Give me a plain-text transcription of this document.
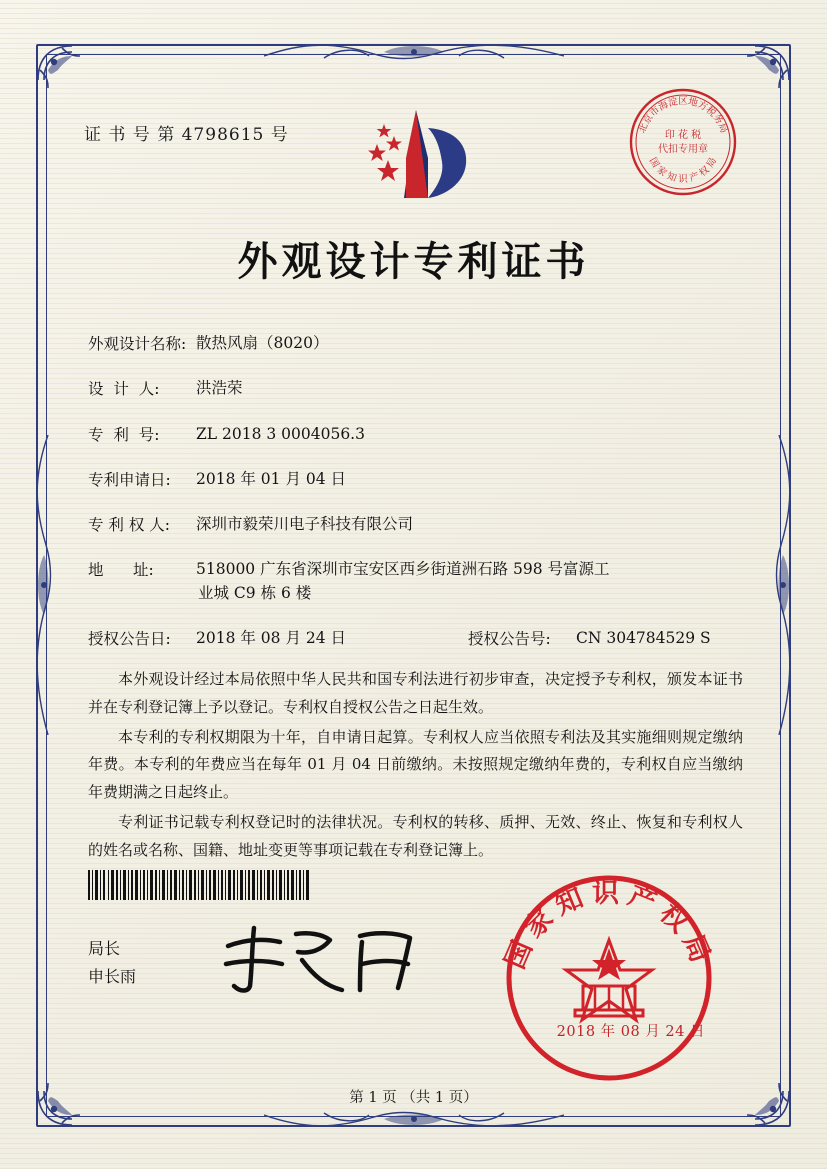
证 书 号 第 4798615 号	北京市海淀区地方税务局
国 家 知 识 产 权 局
印 花 税
代扣专用章
外观设计专利证书
外观设计名称: 散热风扇（8020）
设  计  人:	洪浩荣
专  利  号:	ZL 2018 3 0004056.3
专利申请日:	2018 年 01 月 04 日
专 利 权 人:	深圳市毅荣川电子科技有限公司
地      址:	518000 广东省深圳市宝安区西乡街道洲石路 598 号富源工
业城 C9 栋 6 楼
授权公告日:	2018 年 08 月 24 日	授权公告号:	CN 304784529 S

本外观设计经过本局依照中华人民共和国专利法进行初步审查，决定授予专利权，颁发本证书并在专利登记簿上予以登记。专利权自授权公告之日起生效。

本专利的专利权期限为十年，自申请日起算。专利权人应当依照专利法及其实施细则规定缴纳年费。本专利的年费应当在每年 01 月 04 日前缴纳。未按照规定缴纳年费的，专利权自应当缴纳年费期满之日起终止。

专利证书记载专利权登记时的法律状况。专利权的转移、质押、无效、终止、恢复和专利权人的姓名或名称、国籍、地址变更等事项记载在专利登记簿上。

局长
申长雨
国家知识产权局
2018 年 08 月 24 日
第 1 页 （共 1 页）
